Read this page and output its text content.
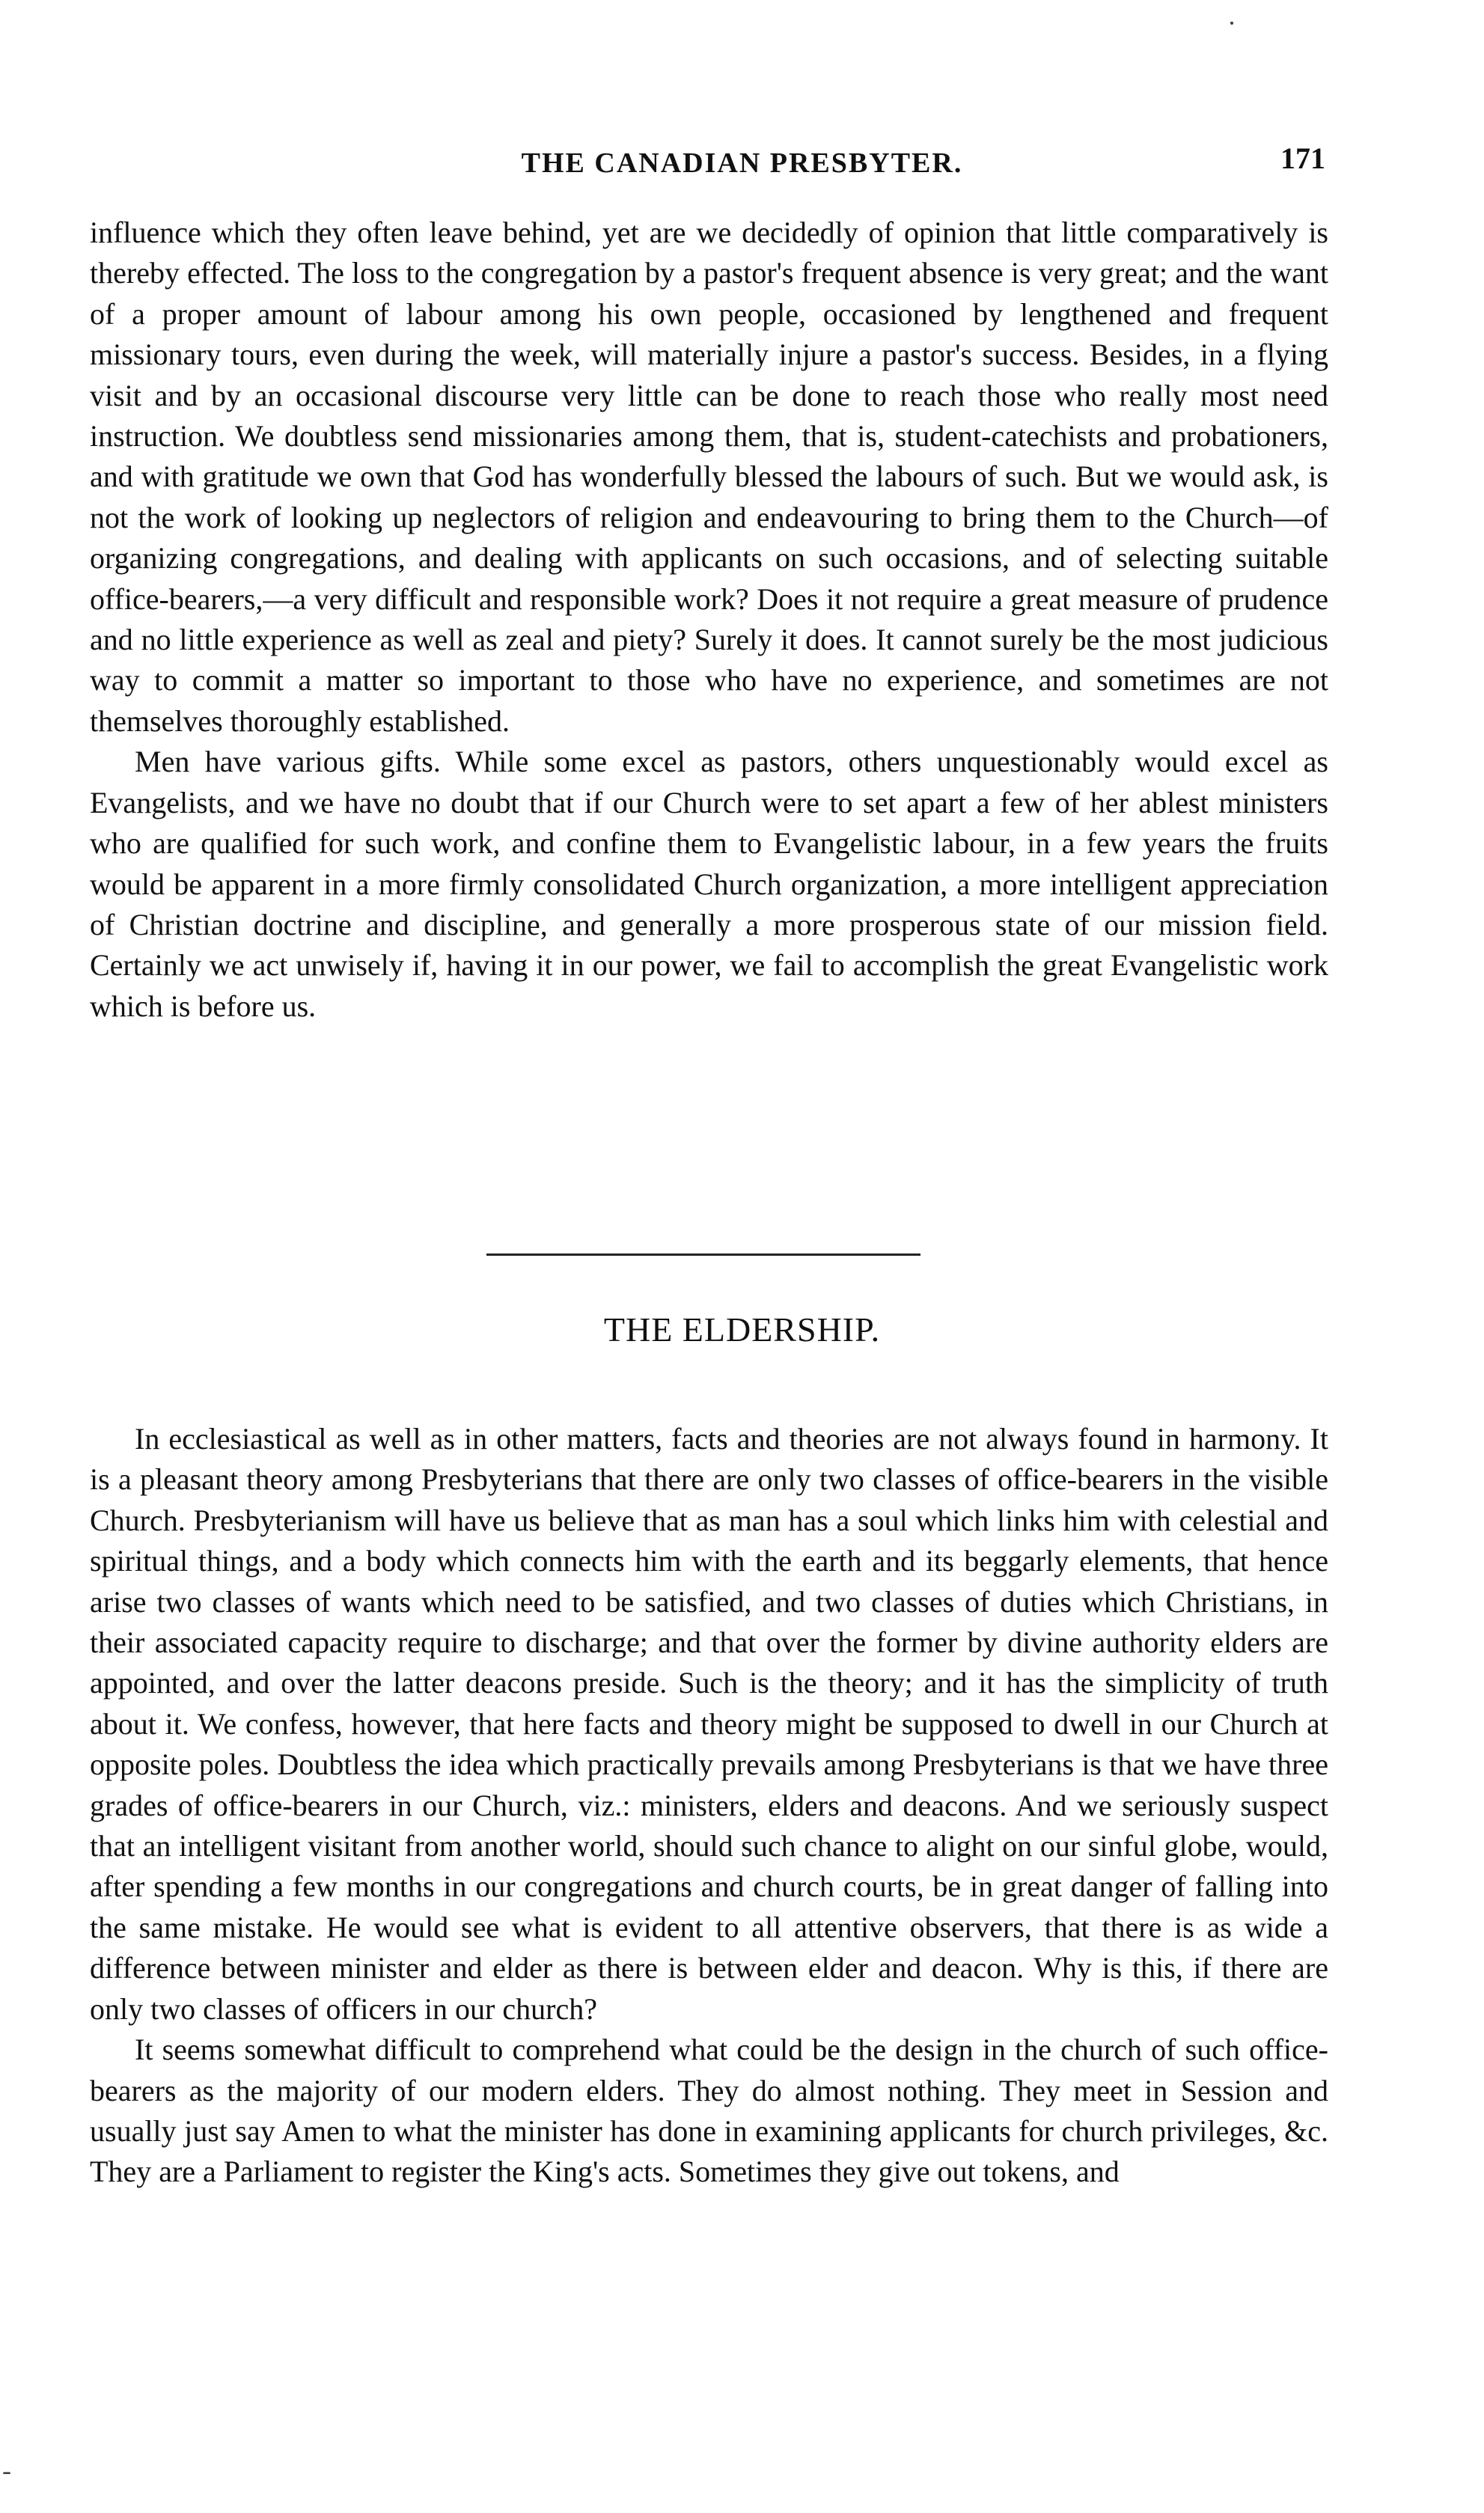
·
THE CANADIAN PRESBYTER.	171

influence which they often leave behind, yet are we decidedly of opinion that little comparatively is thereby effected. The loss to the congregation by a pastor's frequent absence is very great; and the want of a proper amount of labour among his own people, occasioned by lengthened and frequent missionary tours, even during the week, will materially injure a pastor's success. Besides, in a flying visit and by an occasional discourse very little can be done to reach those who really most need instruction. We doubtless send missionaries among them, that is, student-catechists and probationers, and with gratitude we own that God has wonderfully blessed the labours of such. But we would ask, is not the work of looking up neglectors of religion and endeavouring to bring them to the Church—of organizing congregations, and dealing with applicants on such occasions, and of selecting suitable office-bearers,—a very difficult and responsible work? Does it not require a great measure of prudence and no little experience as well as zeal and piety? Surely it does. It cannot surely be the most judicious way to commit a matter so important to those who have no experience, and sometimes are not themselves thoroughly established.

Men have various gifts. While some excel as pastors, others unquestionably would excel as Evangelists, and we have no doubt that if our Church were to set apart a few of her ablest ministers who are qualified for such work, and confine them to Evangelistic labour, in a few years the fruits would be apparent in a more firmly consolidated Church organization, a more intelligent appreciation of Christian doctrine and discipline, and generally a more prosperous state of our mission field. Certainly we act unwisely if, having it in our power, we fail to accomplish the great Evangelistic work which is before us.

THE ELDERSHIP.

In ecclesiastical as well as in other matters, facts and theories are not always found in harmony. It is a pleasant theory among Presbyterians that there are only two classes of office-bearers in the visible Church. Presbyterianism will have us believe that as man has a soul which links him with celestial and spiritual things, and a body which connects him with the earth and its beggarly elements, that hence arise two classes of wants which need to be satisfied, and two classes of duties which Christians, in their associated capacity require to discharge; and that over the former by divine authority elders are appointed, and over the latter deacons preside. Such is the theory; and it has the simplicity of truth about it. We confess, however, that here facts and theory might be supposed to dwell in our Church at opposite poles. Doubtless the idea which practically prevails among Presbyterians is that we have three grades of office-bearers in our Church, viz.: ministers, elders and deacons. And we seriously suspect that an intelligent visitant from another world, should such chance to alight on our sinful globe, would, after spending a few months in our congregations and church courts, be in great danger of falling into the same mistake. He would see what is evident to all attentive observers, that there is as wide a difference between minister and elder as there is between elder and deacon. Why is this, if there are only two classes of officers in our church?

It seems somewhat difficult to comprehend what could be the design in the church of such office-bearers as the majority of our modern elders. They do almost nothing. They meet in Session and usually just say Amen to what the minister has done in examining applicants for church privileges, &c. They are a Parliament to register the King's acts. Sometimes they give out tokens, and

-
